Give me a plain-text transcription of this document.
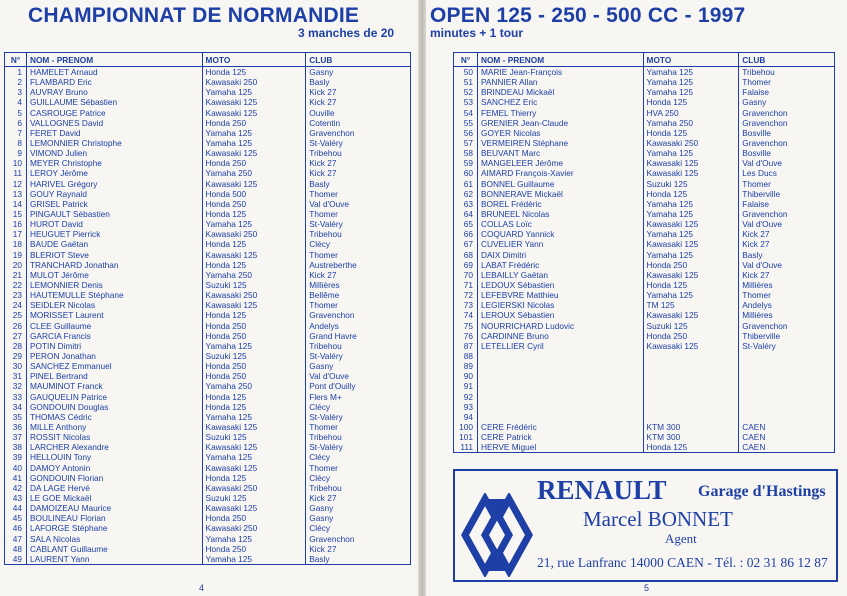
CHAMPIONNAT DE NORMANDIE	OPEN 125 - 250 - 500 CC - 1997
3 manches de 20	minutes + 1 tour
N°	NOM - PRENOM	MOTO	CLUB
1	HAMELET Arnaud	Honda 125	Gasny
2	FLAMBARD Eric	Kawasaki 250	Basly
3	AUVRAY Bruno	Yamaha 125	Kick 27
4	GUILLAUME Sébastien	Kawasaki 125	Kick 27
5	CASROUGE Patrice	Kawasaki 125	Ouville
6	VALLOGNES David	Honda 250	Cotentin
7	FERET David	Yamaha 125	Gravenchon
8	LEMONNIER Christophe	Yamaha 125	St-Valéry
9	VIMOND Julien	Kawasaki 125	Tribehou
10	MEYER Christophe	Honda 250	Kick 27
11	LEROY Jérôme	Yamaha 250	Kick 27
12	HARIVEL Grégory	Kawasaki 125	Basly
13	GOUY Raynald	Honda 500	Thomer
14	GRISEL Patrick	Honda 250	Val d'Ouve
15	PINGAULT Sébastien	Honda 125	Thomer
16	HUROT David	Yamaha 125	St-Valéry
17	HEUGUET Pierrick	Kawasaki 250	Tribehou
18	BAUDE Gaëtan	Honda 125	Clécy
19	BLERIOT Steve	Kawasaki 125	Thomer
20	TRANCHARD Jonathan	Honda 125	Austreberthe
21	MULOT Jérôme	Yamaha 250	Kick 27
22	LEMONNIER Denis	Suzuki 125	Millières
23	HAUTEMULLE Stéphane	Kawasaki 250	Bellême
24	SEIDLER Nicolas	Kawasaki 125	Thomer
25	MORISSET Laurent	Honda 125	Gravenchon
26	CLEE Guillaume	Honda 250	Andelys
27	GARCIA Francis	Honda 250	Grand Havre
28	POTIN Dimitri	Yamaha 125	Tribehou
29	PERON Jonathan	Suzuki 125	St-Valéry
30	SANCHEZ Emmanuel	Honda 250	Gasny
31	PINEL Bertrand	Honda 250	Val d'Ouve
32	MAUMINOT Franck	Yamaha 250	Pont d'Ouilly
33	GAUQUELIN Patrice	Honda 125	Flers M+
34	GONDOUIN Douglas	Honda 125	Clécy
35	THOMAS Cédric	Yamaha 125	St-Valéry
36	MILLE Anthony	Kawasaki 125	Thomer
37	ROSSIT Nicolas	Suzuki 125	Tribehou
38	LARCHER Alexandre	Kawasaki 125	St-Valéry
39	HELLOUIN Tony	Yamaha 125	Clécy
40	DAMOY Antonin	Kawasaki 125	Thomer
41	GONDOUIN Florian	Honda 125	Clécy
42	DA LAGE Hervé	Kawasaki 250	Tribehou
43	LE GOE Mickaël	Suzuki 125	Kick 27
44	DAMOIZEAU Maurice	Kawasaki 125	Gasny
45	BOULINEAU Florian	Honda 250	Gasny
46	LAFORGE Stéphane	Kawasaki 250	Clécy
47	SALA Nicolas	Yamaha 125	Gravenchon
48	CABLANT Guillaume	Honda 250	Kick 27
49	LAURENT Yann	Yamaha 125	Basly
N°	NOM - PRENOM	MOTO	CLUB
50	MARIE Jean-François	Yamaha 125	Tribehou
51	PANNIER Allan	Yamaha 125	Thomer
52	BRINDEAU Mickaël	Yamaha 125	Falaise
53	SANCHEZ Eric	Honda 125	Gasny
54	FEMEL Thierry	HVA 250	Gravenchon
55	GRENIER Jean-Claude	Yamaha 250	Gravenchon
56	GOYER Nicolas	Honda 125	Bosville
57	VERMEIREN Stéphane	Kawasaki 250	Gravenchon
58	BEUVANT Marc	Yamaha 125	Bosville
59	MANGELEER Jérôme	Kawasaki 125	Val d'Ouve
60	AIMARD François-Xavier	Kawasaki 125	Les Ducs
61	BONNEL Guillaume	Suzuki 125	Thomer
62	BONNERAVE Mickaël	Honda 125	Thiberville
63	BOREL Frédéric	Yamaha 125	Falaise
64	BRUNEEL Nicolas	Yamaha 125	Gravenchon
65	COLLAS Loïc	Kawasaki 125	Val d'Ouve
66	COQUARD Yannick	Yamaha 125	Kick 27
67	CUVELIER Yann	Kawasaki 125	Kick 27
68	DAIX Dimitri	Yamaha 125	Basly
69	LABAT Frédéric	Honda 250	Val d'Ouve
70	LEBAILLY Gaëtan	Kawasaki 125	Kick 27
71	LEDOUX Sébastien	Honda 125	Millières
72	LEFEBVRE Matthieu	Yamaha 125	Thomer
73	LEGIERSKI Nicolas	TM 125	Andelys
74	LEROUX Sébastien	Kawasaki 125	Millières
75	NOURRICHARD Ludovic	Suzuki 125	Gravenchon
76	CARDINNE Bruno	Honda 250	Thiberville
87	LETELLIER Cyril	Kawasaki 125	St-Valéry
88			
89			
90			
91			
92			
93			
94			
100	CERE Frédéric	KTM 300	CAEN
101	CERE Patrick	KTM 300	CAEN
111	HERVE Miguel	Honda 125	CAEN
RENAULT Garage d'Hastings
Marcel BONNET
Agent
21, rue Lanfranc 14000 CAEN - Tél. : 02 31 86 12 87
4	5
